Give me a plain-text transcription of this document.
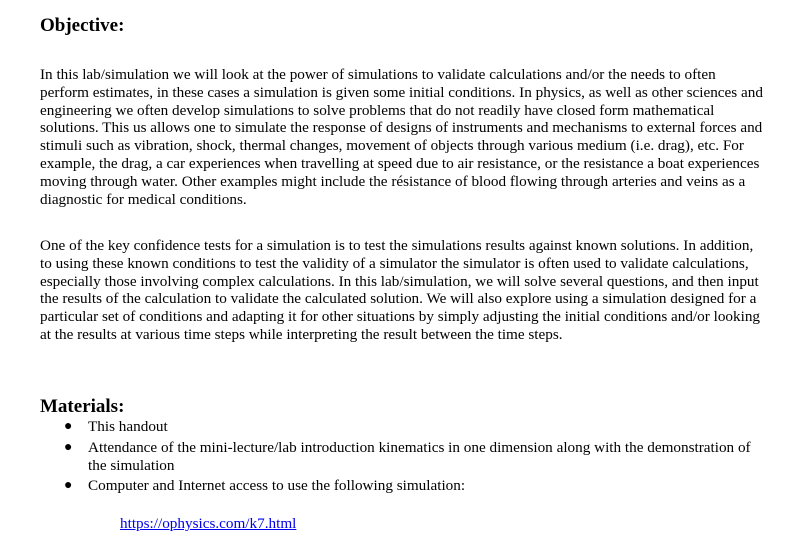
Objective:

In this lab/simulation we will look at the power of simulations to validate calculations and/or the needs to often perform estimates, in these cases a simulation is given some initial conditions. In physics, as well as other sciences and engineering we often develop simulations to solve problems that do not readily have closed form mathematical solutions. This us allows one to simulate the response of designs of instruments and mechanisms to external forces and stimuli such as vibration, shock, thermal changes, movement of objects through various medium (i.e. drag), etc. For example, the drag, a car experiences when travelling at speed due to air resistance, or the resistance a boat experiences moving through water. Other examples might include the résistance of blood flowing through arteries and veins as a diagnostic for medical conditions.

One of the key confidence tests for a simulation is to test the simulations results against known solutions. In addition, to using these known conditions to test the validity of a simulator the simulator is often used to validate calculations, especially those involving complex calculations. In this lab/simulation, we will solve several questions, and then input the results of the calculation to validate the calculated solution. We will also explore using a simulation designed for a particular set of conditions and adapting it for other situations by simply adjusting the initial conditions and/or looking at the results at various time steps while interpreting the result between the time steps.

Materials:
● This handout
● Attendance of the mini-lecture/lab introduction kinematics in one dimension along with the demonstration of the simulation
● Computer and Internet access to use the following simulation:
https://ophysics.com/k7.html
